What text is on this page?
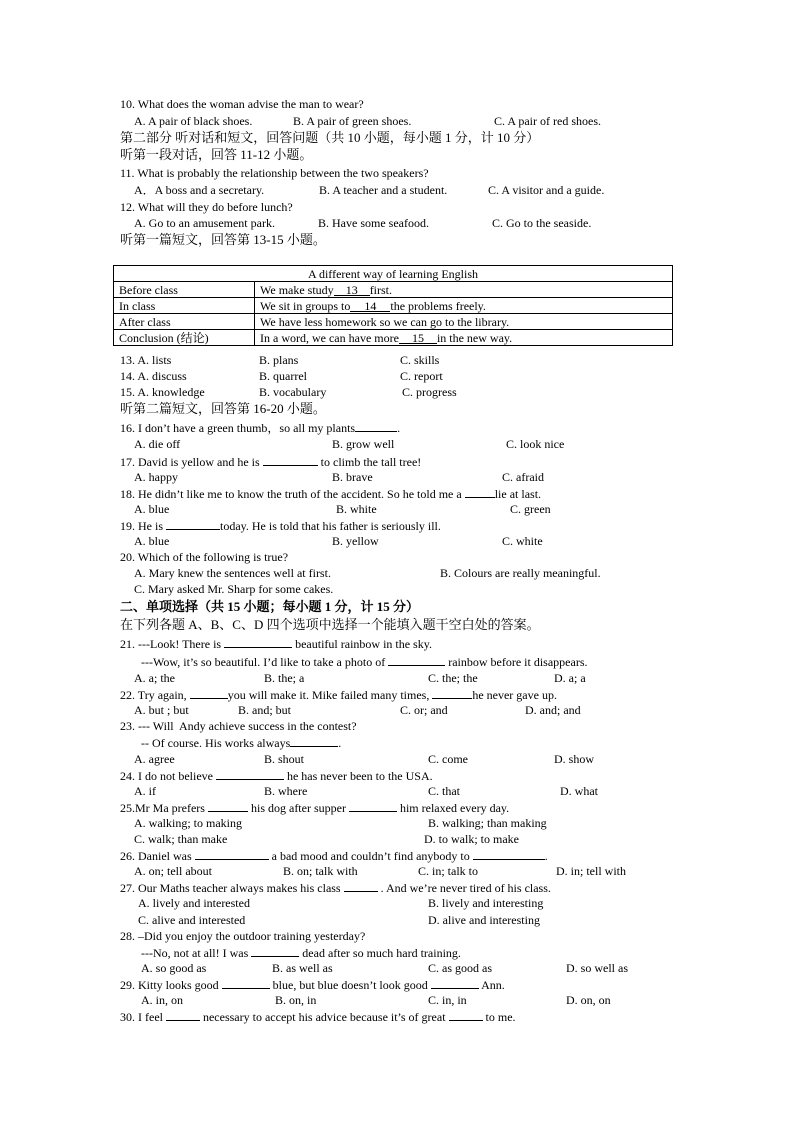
10. What does the woman advise the man to wear?
A. A pair of black shoes.	B. A pair of green shoes.	C. A pair of red shoes.
第二部分 听对话和短文，回答问题（共 10 小题，每小题 1 分，计 10 分）
听第一段对话，回答 11-12 小题。
11. What is probably the relationship between the two speakers?
A．A boss and a secretary.	B. A teacher and a student.	C. A visitor and a guide.
12. What will they do before lunch?
A. Go to an amusement park.	B. Have some seafood.	C. Go to the seaside.
听第一篇短文，回答第 13-15 小题。
A different way of learning English	
Before class	We make study 13 first.
In class	We sit in groups to 14 the problems freely.
After class	We have less homework so we can go to the library.
Conclusion (结论)	In a word, we can have more 15 in the new way.
13. A. lists	B. plans	C. skills
14. A. discuss	B. quarrel	C. report
15. A. knowledge	B. vocabulary	C. progress
听第二篇短文，回答第 16-20 小题。
16. I don’t have a green thumb，so all my plants	.
A. die off	B. grow well	C. look nice
17. David is yellow and he is	to climb the tall tree!
A. happy	B. brave	C. afraid
18. He didn’t like me to know the truth of the accident. So he told me a	lie at last.
A. blue	B. white	C. green
19. He is	today. He is told that his father is seriously ill.
A. blue	B. yellow	C. white
20. Which of the following is true?
A. Mary knew the sentences well at first.	B. Colours are really meaningful.
C. Mary asked Mr. Sharp for some cakes.
二、单项选择（共 15 小题；每小题 1 分，计 15 分）
在下列各题 A、B、C、D 四个选项中选择一个能填入题干空白处的答案。
21. ---Look! There is	beautiful rainbow in the sky.
---Wow, it’s so beautiful. I’d like to take a photo of	rainbow before it disappears.
A. a; the	B. the; a	C. the; the	D. a; a
22. Try again,	you will make it. Mike failed many times,	he never gave up.
A. but ; but	B. and; but	C. or; and	D. and; and
23. --- Will  Andy achieve success in the contest?
-- Of course. His works always	.
A. agree	B. shout	C. come	D. show
24. I do not believe	he has never been to the USA.
A. if	B. where	C. that	D. what
25.Mr Ma prefers	his dog after supper	him relaxed every day.
A. walking; to making	B. walking; than making
C. walk; than make	D. to walk; to make
26. Daniel was	a bad mood and couldn’t find anybody to	.
A. on; tell about	B. on; talk with	C. in; talk to	D. in; tell with
27. Our Maths teacher always makes his class	. And we’re never tired of his class.
A. lively and interested	B. lively and interesting
C. alive and interested	D. alive and interesting
28. –Did you enjoy the outdoor training yesterday?
---No, not at all! I was	dead after so much hard training.
A. so good as	B. as well as	C. as good as	D. so well as
29. Kitty looks good	blue, but blue doesn’t look good	Ann.
A. in, on	B. on, in	C. in, in	D. on, on
30. I feel	necessary to accept his advice because it’s of great	to me.
